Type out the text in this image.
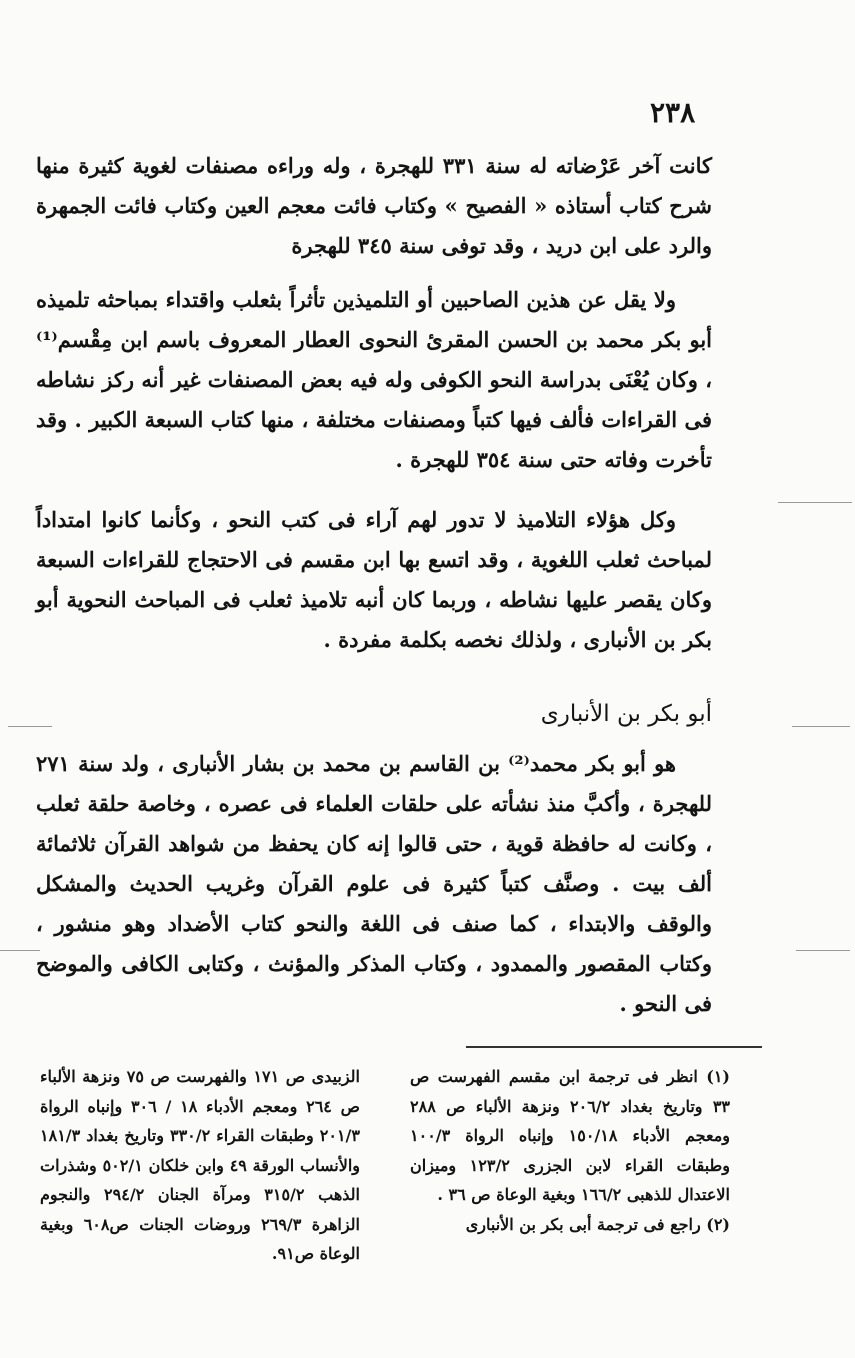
٢٣٨

كانت آخر عَرْضاته له سنة ٣٣١ للهجرة ، وله وراءه مصنفات لغوية كثيرة منها شرح كتاب أستاذه « الفصيح » وكتاب فائت معجم العين وكتاب فائت الجمهرة والرد على ابن دريد ، وقد توفى سنة ٣٤٥ للهجرة

ولا يقل عن هذين الصاحبين أو التلميذين تأثراً بثعلب واقتداء بمباحثه تلميذه أبو بكر محمد بن الحسن المقرئ النحوى العطار المعروف باسم ابن مِقْسم⁽¹⁾ ، وكان يُعْنَى بدراسة النحو الكوفى وله فيه بعض المصنفات غير أنه ركز نشاطه فى القراءات فألف فيها كتباً ومصنفات مختلفة ، منها كتاب السبعة الكبير . وقد تأخرت وفاته حتى سنة ٣٥٤ للهجرة .

وكل هؤلاء التلاميذ لا تدور لهم آراء فى كتب النحو ، وكأنما كانوا امتداداً لمباحث ثعلب اللغوية ، وقد اتسع بها ابن مقسم فى الاحتجاج للقراءات السبعة وكان يقصر عليها نشاطه ، وربما كان أنبه تلاميذ ثعلب فى المباحث النحوية أبو بكر بن الأنبارى ، ولذلك نخصه بكلمة مفردة .

أبو بكر بن الأنبارى

هو أبو بكر محمد⁽²⁾ بن القاسم بن محمد بن بشار الأنبارى ، ولد سنة ٢٧١ للهجرة ، وأكبَّ منذ نشأته على حلقات العلماء فى عصره ، وخاصة حلقة ثعلب ، وكانت له حافظة قوية ، حتى قالوا إنه كان يحفظ من شواهد القرآن ثلاثمائة ألف بيت . وصنَّف كتباً كثيرة فى علوم القرآن وغريب الحديث والمشكل والوقف والابتداء ، كما صنف فى اللغة والنحو كتاب الأضداد وهو منشور ، وكتاب المقصور والممدود ، وكتاب المذكر والمؤنث ، وكتابى الكافى والموضح فى النحو .

(١) انظر فى ترجمة ابن مقسم الفهرست ص ٣٣ وتاريخ بغداد ٢٠٦/٢ ونزهة الألباء ص ٢٨٨ ومعجم الأدباء ١٥٠/١٨ وإنباه الرواة ١٠٠/٣ وطبقات القراء لابن الجزرى ١٢٣/٢ وميزان الاعتدال للذهبى ١٦٦/٢ وبغية الوعاة ص ٣٦ .

(٢) راجع فى ترجمة أبى بكر بن الأنبارى

الزبيدى ص ١٧١ والفهرست ص ٧٥ ونزهة الألباء ص ٢٦٤ ومعجم الأدباء ١٨ / ٣٠٦ وإنباه الرواة ٢٠١/٣ وطبقات القراء ٣٣٠/٢ وتاريخ بغداد ١٨١/٣ والأنساب الورقة ٤٩ وابن خلكان ٥٠٢/١ وشذرات الذهب ٣١٥/٢ ومرآة الجنان ٢٩٤/٢ والنجوم الزاهرة ٢٦٩/٣ وروضات الجنات ص٦٠٨ وبغية الوعاة ص٩١.
